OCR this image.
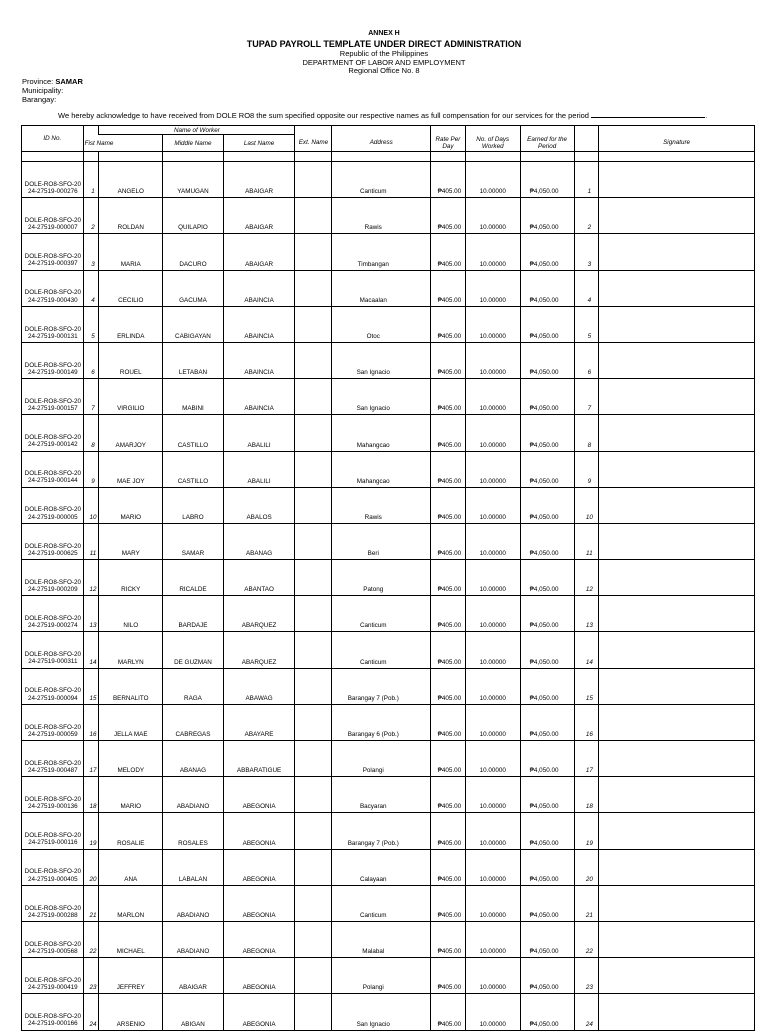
ANNEX H
TUPAD PAYROLL TEMPLATE UNDER DIRECT ADMINISTRATION
Republic of the Philippines
DEPARTMENT OF LABOR AND EMPLOYMENT
Regional Office No. 8
Province: SAMAR
Municipality:
Barangay:
We hereby acknowledge to have received from DOLE RO8 the sum specified opposite our respective names as full compensation for our services for the period	.
ID No.		Name of Worker									
	Fist Name		Middle Name	Last Name	Ext. Name	Address	Rate Per Day	No. of Days Worked	Earned for the Period		Signature

DOLE-RO8-SFO-2024-27519-000276	1	ANGELO	YAMUGAN	ABAIGAR		Canticum	₱405.00	10.00000	₱4,050.00	1	
DOLE-RO8-SFO-2024-27519-000007	2	ROLDAN	QUILAPIO	ABAIGAR		Rawis	₱405.00	10.00000	₱4,050.00	2	
DOLE-RO8-SFO-2024-27519-000397	3	MARIA	DACURO	ABAIGAR		Timbangan	₱405.00	10.00000	₱4,050.00	3	
DOLE-RO8-SFO-2024-27519-000430	4	CECILIO	GACUMA	ABAINCIA		Macaalan	₱405.00	10.00000	₱4,050.00	4	
DOLE-RO8-SFO-2024-27519-000131	5	ERLINDA	CABIGAYAN	ABAINCIA		Otoc	₱405.00	10.00000	₱4,050.00	5	
DOLE-RO8-SFO-2024-27519-000149	6	ROUEL	LETABAN	ABAINCIA		San Ignacio	₱405.00	10.00000	₱4,050.00	6	
DOLE-RO8-SFO-2024-27519-000157	7	VIRGILIO	MABINI	ABAINCIA		San Ignacio	₱405.00	10.00000	₱4,050.00	7	
DOLE-RO8-SFO-2024-27519-000142	8	AMARJOY	CASTILLO	ABALILI		Mahangcao	₱405.00	10.00000	₱4,050.00	8	
DOLE-RO8-SFO-2024-27519-000144	9	MAE JOY	CASTILLO	ABALILI		Mahangcao	₱405.00	10.00000	₱4,050.00	9	
DOLE-RO8-SFO-2024-27519-000005	10	MARIO	LABRO	ABALOS		Rawis	₱405.00	10.00000	₱4,050.00	10	
DOLE-RO8-SFO-2024-27519-000625	11	MARY	SAMAR	ABANAG		Beri	₱405.00	10.00000	₱4,050.00	11	
DOLE-RO8-SFO-2024-27519-000209	12	RICKY	RICALDE	ABANTAO		Patong	₱405.00	10.00000	₱4,050.00	12	
DOLE-RO8-SFO-2024-27519-000274	13	NILO	BARDAJE	ABARQUEZ		Canticum	₱405.00	10.00000	₱4,050.00	13	
DOLE-RO8-SFO-2024-27519-000311	14	MARLYN	DE GUZMAN	ABARQUEZ		Canticum	₱405.00	10.00000	₱4,050.00	14	
DOLE-RO8-SFO-2024-27519-000094	15	BERNALITO	RAGA	ABAWAG		Barangay 7 (Pob.)	₱405.00	10.00000	₱4,050.00	15	
DOLE-RO8-SFO-2024-27519-000059	16	JELLA MAE	CABREGAS	ABAYARE		Barangay 6 (Pob.)	₱405.00	10.00000	₱4,050.00	16	
DOLE-RO8-SFO-2024-27519-000487	17	MELODY	ABANAG	ABBARATIGUE		Polangi	₱405.00	10.00000	₱4,050.00	17	
DOLE-RO8-SFO-2024-27519-000136	18	MARIO	ABADIANO	ABEGONIA		Bacyaran	₱405.00	10.00000	₱4,050.00	18	
DOLE-RO8-SFO-2024-27519-000116	19	ROSALIE	ROSALES	ABEGONIA		Barangay 7 (Pob.)	₱405.00	10.00000	₱4,050.00	19	
DOLE-RO8-SFO-2024-27519-000405	20	ANA	LABALAN	ABEGONIA		Calayaan	₱405.00	10.00000	₱4,050.00	20	
DOLE-RO8-SFO-2024-27519-000288	21	MARLON	ABADIANO	ABEGONIA		Canticum	₱405.00	10.00000	₱4,050.00	21	
DOLE-RO8-SFO-2024-27519-000568	22	MICHAEL	ABADIANO	ABEGONIA		Malabal	₱405.00	10.00000	₱4,050.00	22	
DOLE-RO8-SFO-2024-27519-000419	23	JEFFREY	ABAIGAR	ABEGONIA		Polangi	₱405.00	10.00000	₱4,050.00	23	
DOLE-RO8-SFO-2024-27519-000166	24	ARSENIO	ABIGAN	ABEGONIA		San Ignacio	₱405.00	10.00000	₱4,050.00	24	
